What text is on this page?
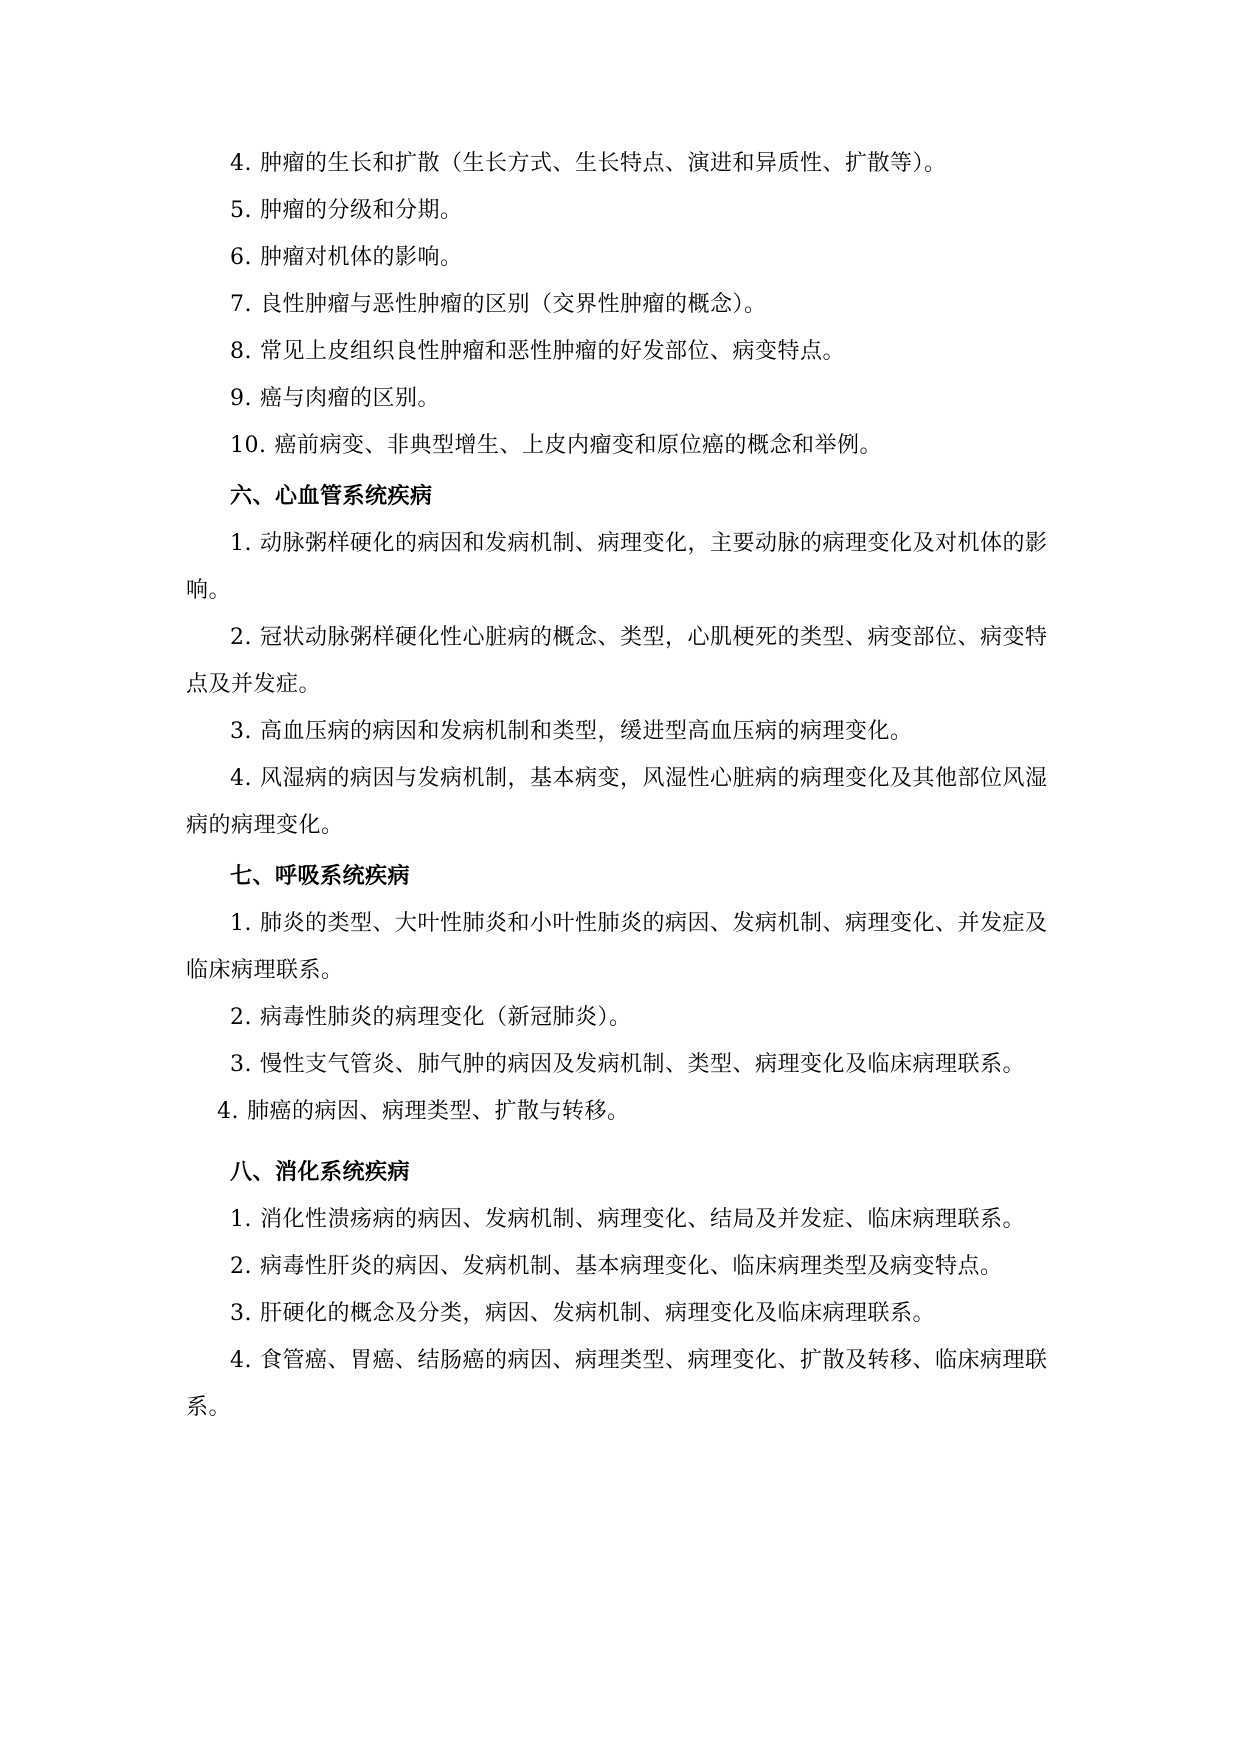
4. 肿瘤的生长和扩散（生长方式、生长特点、演进和异质性、扩散等）。

5. 肿瘤的分级和分期。

6. 肿瘤对机体的影响。

7. 良性肿瘤与恶性肿瘤的区别（交界性肿瘤的概念）。

8. 常见上皮组织良性肿瘤和恶性肿瘤的好发部位、病变特点。

9. 癌与肉瘤的区别。

10. 癌前病变、非典型增生、上皮内瘤变和原位癌的概念和举例。

六、心血管系统疾病

1. 动脉粥样硬化的病因和发病机制、病理变化，主要动脉的病理变化及对机体的影响。

2. 冠状动脉粥样硬化性心脏病的概念、类型，心肌梗死的类型、病变部位、病变特点及并发症。

3. 高血压病的病因和发病机制和类型，缓进型高血压病的病理变化。

4. 风湿病的病因与发病机制，基本病变，风湿性心脏病的病理变化及其他部位风湿病的病理变化。

七、呼吸系统疾病

1. 肺炎的类型、大叶性肺炎和小叶性肺炎的病因、发病机制、病理变化、并发症及临床病理联系。

2. 病毒性肺炎的病理变化（新冠肺炎）。

3. 慢性支气管炎、肺气肿的病因及发病机制、类型、病理变化及临床病理联系。

4. 肺癌的病因、病理类型、扩散与转移。

八、消化系统疾病

1. 消化性溃疡病的病因、发病机制、病理变化、结局及并发症、临床病理联系。

2. 病毒性肝炎的病因、发病机制、基本病理变化、临床病理类型及病变特点。

3. 肝硬化的概念及分类，病因、发病机制、病理变化及临床病理联系。

4. 食管癌、胃癌、结肠癌的病因、病理类型、病理变化、扩散及转移、临床病理联系。
